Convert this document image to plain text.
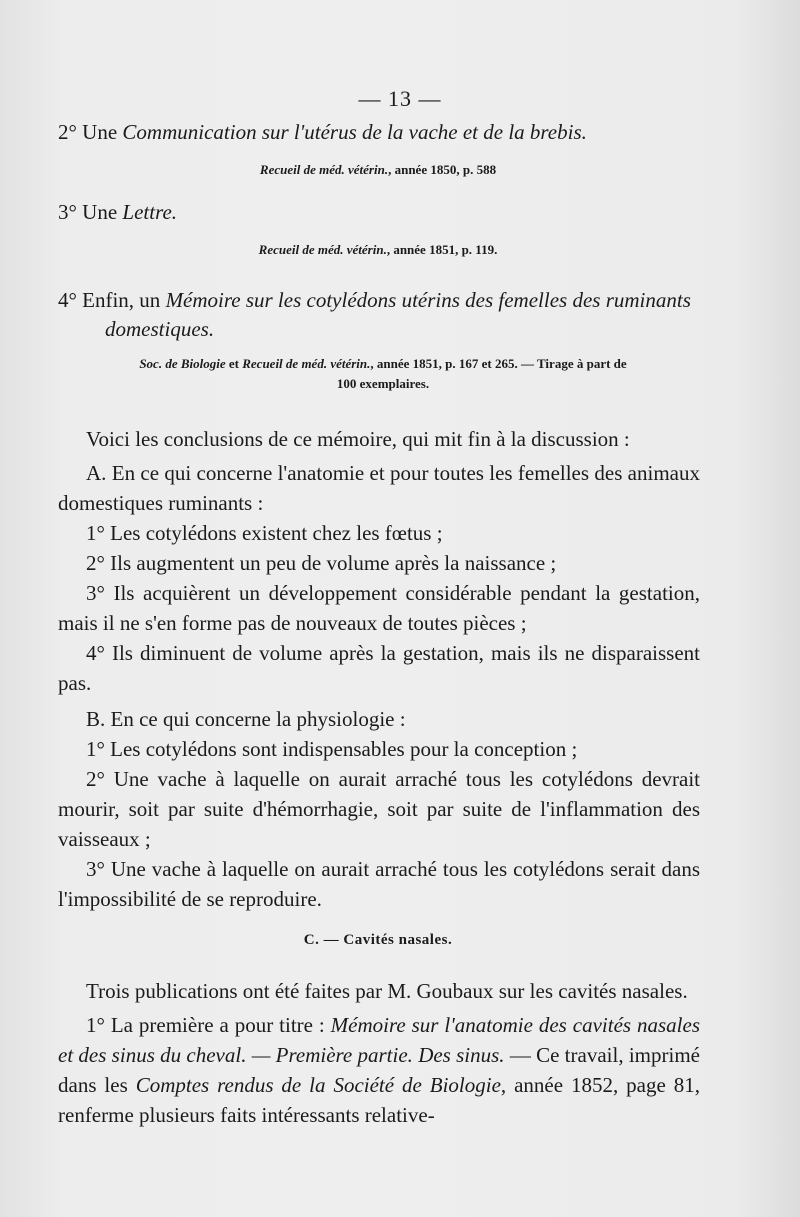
— 13 —
2° Une Communication sur l'utérus de la vache et de la brebis.
Recueil de méd. vétérin., année 1850, p. 588
3° Une Lettre.
Recueil de méd. vétérin., année 1851, p. 119.
4° Enfin, un Mémoire sur les cotylédons utérins des femelles des ruminants domestiques.
Soc. de Biologie et Recueil de méd. vétérin., année 1851, p. 167 et 265. — Tirage à part de
100 exemplaires.

Voici les conclusions de ce mémoire, qui mit fin à la discussion :

A. En ce qui concerne l'anatomie et pour toutes les femelles des animaux domestiques ruminants :

1° Les cotylédons existent chez les fœtus ;

2° Ils augmentent un peu de volume après la naissance ;

3° Ils acquièrent un développement considérable pendant la gestation, mais il ne s'en forme pas de nouveaux de toutes pièces ;

4° Ils diminuent de volume après la gestation, mais ils ne disparaissent pas.

B. En ce qui concerne la physiologie :

1° Les cotylédons sont indispensables pour la conception ;

2° Une vache à laquelle on aurait arraché tous les cotylédons devrait mourir, soit par suite d'hémorrhagie, soit par suite de l'inflammation des vaisseaux ;

3° Une vache à laquelle on aurait arraché tous les cotylédons serait dans l'impossibilité de se reproduire.

C. — Cavités nasales.

Trois publications ont été faites par M. Goubaux sur les cavités nasales.

1° La première a pour titre : Mémoire sur l'anatomie des cavités nasales et des sinus du cheval. — Première partie. Des sinus. — Ce travail, imprimé dans les Comptes rendus de la Société de Biologie, année 1852, page 81, renferme plusieurs faits intéressants relative-
